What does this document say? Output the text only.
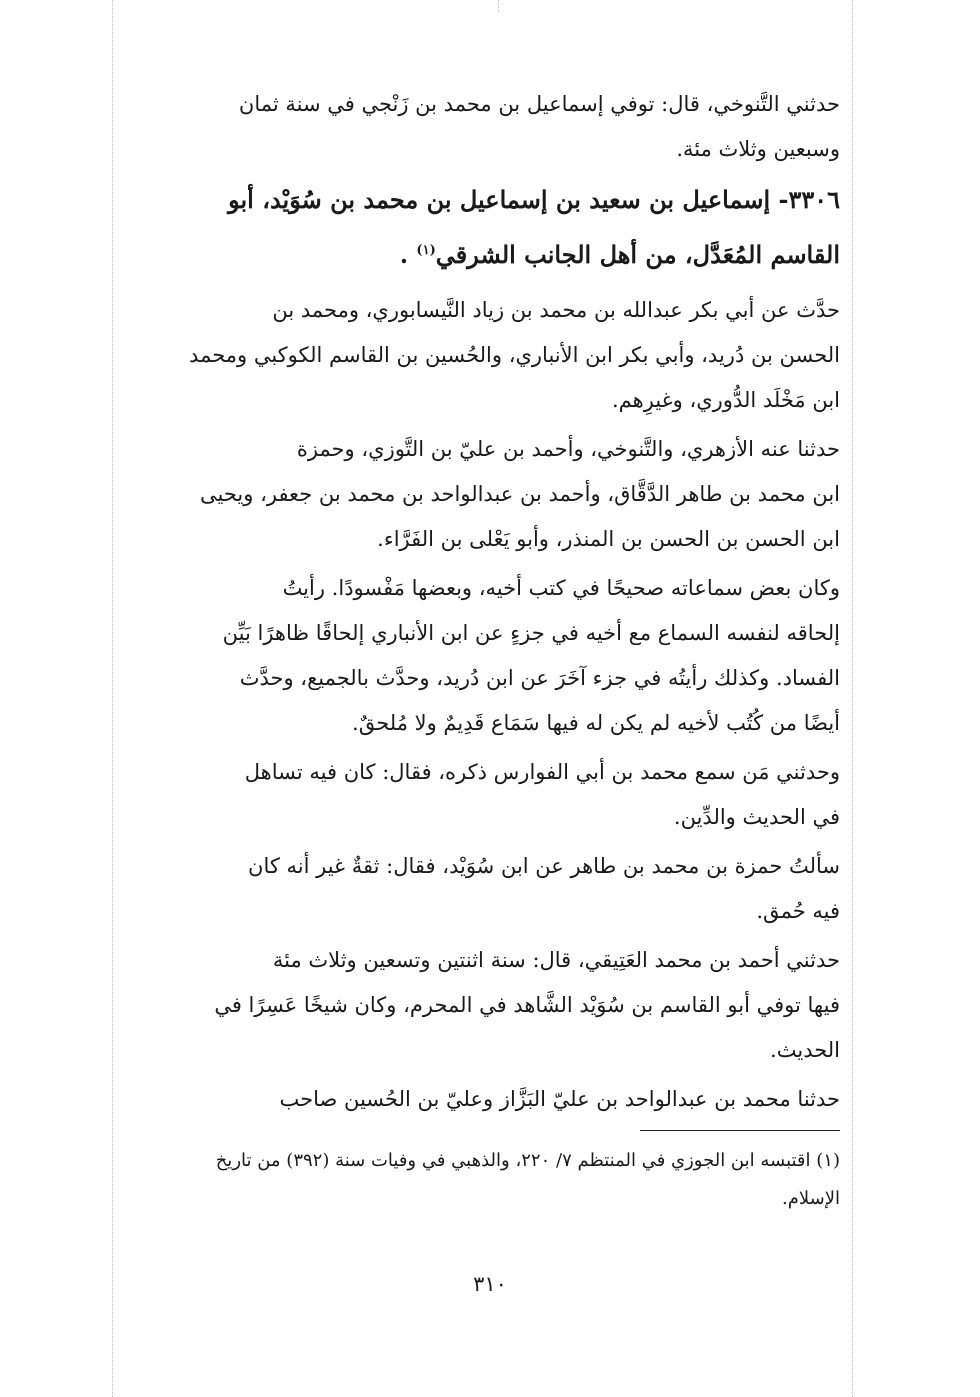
حدثني التَّنوخي، قال: توفي إسماعيل بن محمد بن زَنْجي في سنة ثمان
وسبعين وثلاث مئة.

٣٣٠٦- إسماعيل بن سعيد بن إسماعيل بن محمد بن سُوَيْد، أبو
القاسم المُعَدَّل، من أهل الجانب الشرقي$^{(١)}$ .

حدَّث عن أبي بكر عبدالله بن محمد بن زياد النَّيسابوري، ومحمد بن
الحسن بن دُريد، وأبي بكر ابن الأنباري، والحُسين بن القاسم الكوكبي ومحمد
ابن مَخْلَد الدُّوري، وغيرِهم.

حدثنا عنه الأزهري، والتَّنوخي، وأحمد بن عليّ بن التَّوزي، وحمزة
ابن محمد بن طاهر الدَّقَّاق، وأحمد بن عبدالواحد بن محمد بن جعفر، ويحيى
ابن الحسن بن الحسن بن المنذر، وأبو يَعْلى بن الفَرَّاء.

وكان بعض سماعاته صحيحًا في كتب أخيه، وبعضها مَفْسودًا. رأيتُ
إلحاقه لنفسه السماع مع أخيه في جزءٍ عن ابن الأنباري إلحاقًا ظاهرًا بَيِّن
الفساد. وكذلك رأيتُه في جزء آخَرَ عن ابن دُريد، وحدَّث بالجميع، وحدَّث
أيضًا من كُتُب لأخيه لم يكن له فيها سَمَاع قَدِيمٌ ولا مُلحقٌ.

وحدثني مَن سمع محمد بن أبي الفوارس ذكره، فقال: كان فيه تساهل
في الحديث والدِّين.

سألتُ حمزة بن محمد بن طاهر عن ابن سُوَيْد، فقال: ثقةٌ غير أنه كان
فيه حُمق.

حدثني أحمد بن محمد العَتِيقي، قال: سنة اثنتين وتسعين وثلاث مئة
فيها توفي أبو القاسم بن سُوَيْد الشَّاهد في المحرم، وكان شيخًا عَسِرًا في
الحديث.

حدثنا محمد بن عبدالواحد بن عليّ البَزَّاز وعليّ بن الحُسين صاحب

(١) اقتبسه ابن الجوزي في المنتظم ٧/ ٢٢٠، والذهبي في وفيات سنة (٣٩٢) من تاريخ
الإسلام.
٣١٠
